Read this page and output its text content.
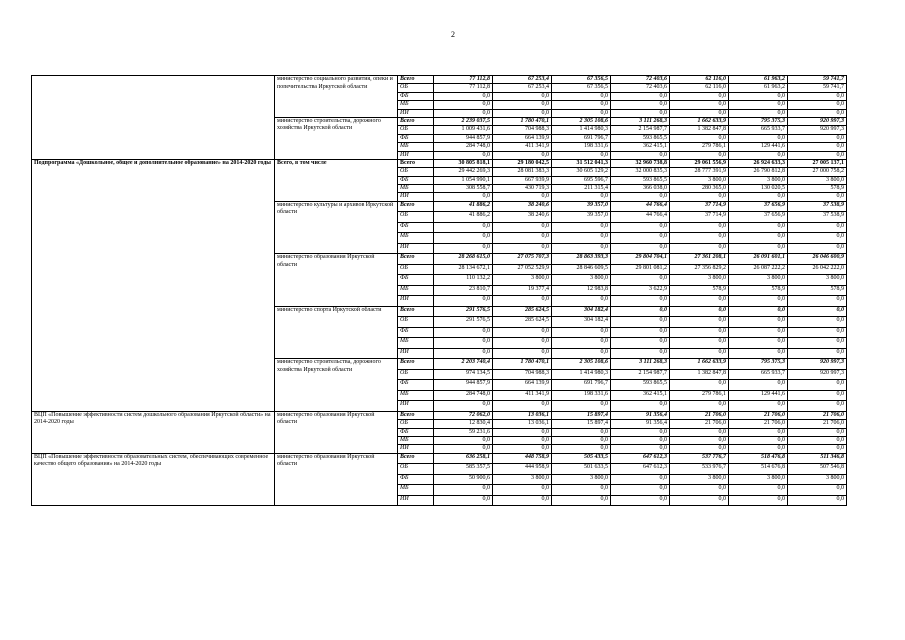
2
	министерство социального развития, опеки и попечительства Иркутской области	Всего	77 112,8	67 253,4	67 356,5	72 403,6	62 116,0	61 963,2	59 741,7
		ОБ	77 112,8	67 253,4	67 356,5	72 403,6	62 116,0	61 963,2	59 741,7
		ФБ	0,0	0,0	0,0	0,0	0,0	0,0	0,0
		МБ	0,0	0,0	0,0	0,0	0,0	0,0	0,0
		ИИ	0,0	0,0	0,0	0,0	0,0	0,0	0,0
	министерство строительства, дорожного хозяйства Иркутской области	Всего	2 239 037,5	1 780 470,1	2 305 108,6	3 111 268,3	1 662 633,9	795 375,3	920 997,3
		ОБ	1 009 431,6	704 988,3	1 414 980,3	2 154 987,7	1 382 847,8	665 933,7	920 997,3
		ФБ	944 857,9	664 139,9	691 796,7	593 865,5	0,0	0,0	0,0
		МБ	284 748,0	411 341,9	198 331,6	362 415,1	279 786,1	129 441,6	0,0
		ИИ	0,0	0,0	0,0	0,0	0,0	0,0	0,0
Подпрограмма «Дошкольное, общее и дополнительное образование» на 2014-2020 годы	Всего, в том числе	Всего	30 805 818,1	29 180 042,5	31 512 041,3	32 960 738,8	29 061 556,9	26 924 633,3	27 005 137,1
		ОБ	29 442 269,3	28 081 383,3	30 605 129,2	32 000 835,3	28 777 391,9	26 790 812,8	27 000 758,2
		ФБ	1 054 990,1	667 939,9	695 596,7	593 865,5	3 800,0	3 800,0	3 800,0
		МБ	308 558,7	430 719,3	211 315,4	366 038,0	280 365,0	130 020,5	578,9
		ИИ	0,0	0,0	0,0	0,0	0,0	0,0	0,0
	министерство культуры и архивов Иркутской области	Всего	41 886,2	38 240,6	39 357,0	44 766,4	37 714,9	37 656,9	37 538,9
		ОБ	41 886,2	38 240,6	39 357,0	44 766,4	37 714,9	37 656,9	37 538,9
		ФБ	0,0	0,0	0,0	0,0	0,0	0,0	0,0
		МБ	0,0	0,0	0,0	0,0	0,0	0,0	0,0
		ИИ	0,0	0,0	0,0	0,0	0,0	0,0	0,0
	министерство образования Иркутской области	Всего	28 268 615,0	27 075 707,3	28 863 393,3	29 804 704,1	27 361 208,1	26 091 601,1	26 046 600,9
		ОБ	28 134 672,1	27 052 529,9	28 846 609,5	29 801 081,2	27 356 829,2	26 087 222,2	26 042 222,0
		ФБ	110 132,2	3 800,0	3 800,0	0,0	3 800,0	3 800,0	3 800,0
		МБ	23 810,7	19 377,4	12 983,8	3 622,9	578,9	578,9	578,9
		ИИ	0,0	0,0	0,0	0,0	0,0	0,0	0,0
	министерство спорта Иркутской области	Всего	291 576,5	285 624,5	304 182,4	0,0	0,0	0,0	0,0
		ОБ	291 576,5	285 624,5	304 182,4	0,0	0,0	0,0	0,0
		ФБ	0,0	0,0	0,0	0,0	0,0	0,0	0,0
		МБ	0,0	0,0	0,0	0,0	0,0	0,0	0,0
		ИИ	0,0	0,0	0,0	0,0	0,0	0,0	0,0
	министерство строительства, дорожного хозяйства Иркутской области	Всего	2 203 740,4	1 780 470,1	2 305 108,6	3 111 268,3	1 662 633,9	795 375,3	920 997,3
		ОБ	974 134,5	704 988,3	1 414 980,3	2 154 987,7	1 382 847,8	665 933,7	920 997,3
		ФБ	944 857,9	664 139,9	691 796,7	593 865,5	0,0	0,0	0,0
		МБ	284 748,0	411 341,9	198 331,6	362 415,1	279 786,1	129 441,6	0,0
		ИИ	0,0	0,0	0,0	0,0	0,0	0,0	0,0
ВЦП «Повышение эффективности систем дошкольного образования Иркутской области» на 2014-2020 годы	министерство образования Иркутской области	Всего	72 062,0	13 036,1	15 897,4	91 356,4	21 706,0	21 706,0	21 706,0
		ОБ	12 830,4	13 036,1	15 897,4	91 356,4	21 706,0	21 706,0	21 706,0
		ФБ	59 231,6	0,0	0,0	0,0	0,0	0,0	0,0
		МБ	0,0	0,0	0,0	0,0	0,0	0,0	0,0
		ИИ	0,0	0,0	0,0	0,0	0,0	0,0	0,0
ВЦП «Повышение эффективности образовательных систем, обеспечивающих современное качество общего образования» на 2014-2020 годы	министерство образования Иркутской области	Всего	636 258,1	448 758,9	505 433,5	647 612,3	537 776,7	518 476,8	511 346,8
		ОБ	585 357,5	444 958,9	501 633,5	647 612,3	533 976,7	514 676,8	507 546,8
		ФБ	50 900,6	3 800,0	3 800,0	0,0	3 800,0	3 800,0	3 800,0
		МБ	0,0	0,0	0,0	0,0	0,0	0,0	0,0
		ИИ	0,0	0,0	0,0	0,0	0,0	0,0	0,0
